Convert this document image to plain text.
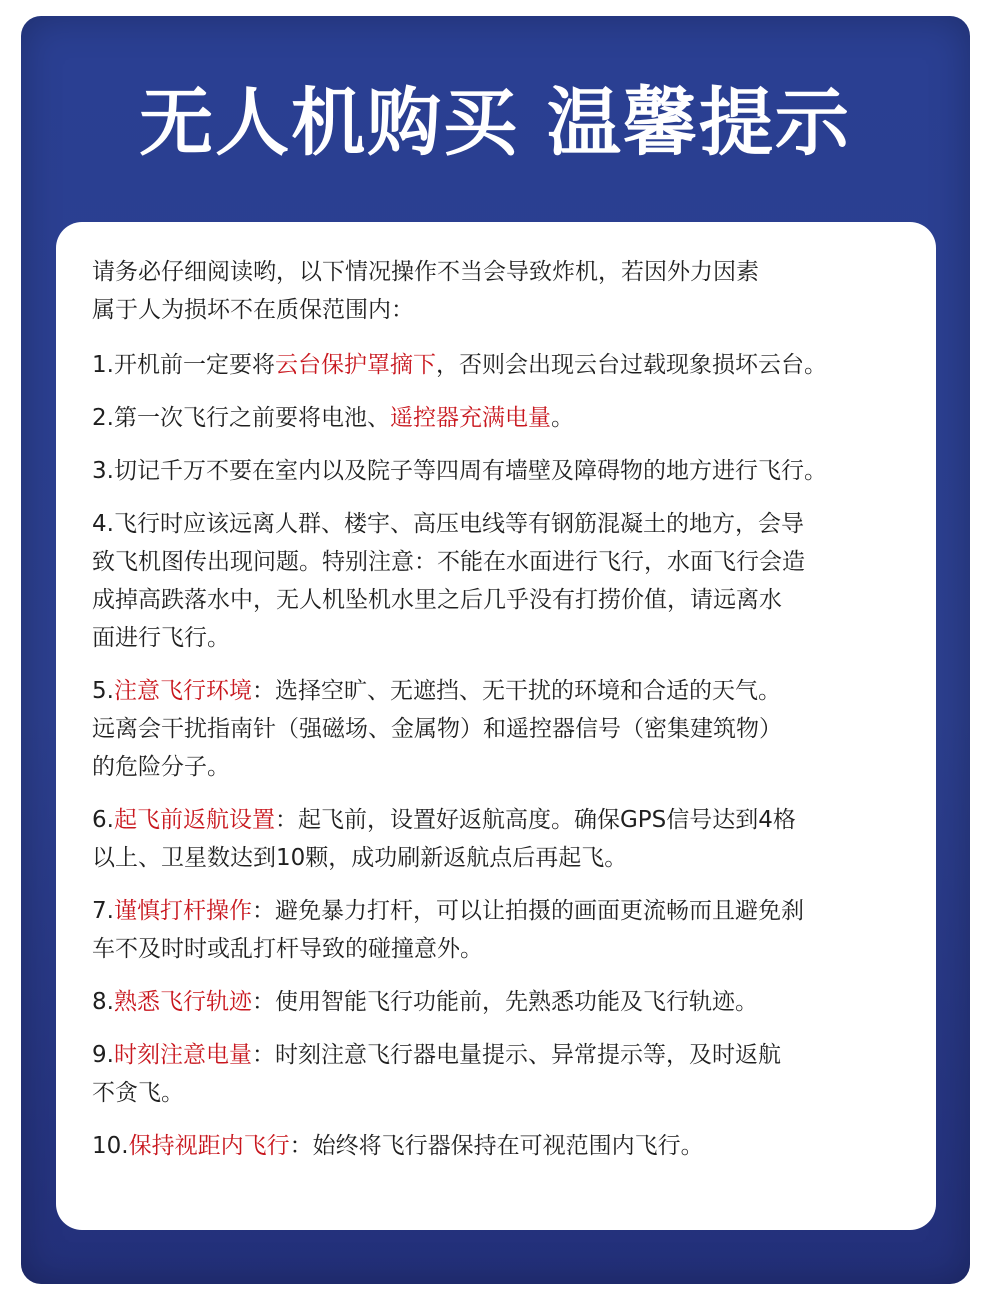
无人机购买 温馨提示
请务必仔细阅读哟，以下情况操作不当会导致炸机，若因外力因素
属于人为损坏不在质保范围内：
1.开机前一定要将云台保护罩摘下，否则会出现云台过载现象损坏云台。
2.第一次飞行之前要将电池、遥控器充满电量。
3.切记千万不要在室内以及院子等四周有墙壁及障碍物的地方进行飞行。
4.飞行时应该远离人群、楼宇、高压电线等有钢筋混凝土的地方，会导
致飞机图传出现问题。特别注意：不能在水面进行飞行，水面飞行会造
成掉高跌落水中，无人机坠机水里之后几乎没有打捞价值，请远离水
面进行飞行。
5.注意飞行环境：选择空旷、无遮挡、无干扰的环境和合适的天气。
远离会干扰指南针（强磁场、金属物）和遥控器信号（密集建筑物）
的危险分子。
6.起飞前返航设置：起飞前，设置好返航高度。确保GPS信号达到4格
以上、卫星数达到10颗，成功刷新返航点后再起飞。
7.谨慎打杆操作：避免暴力打杆，可以让拍摄的画面更流畅而且避免刹
车不及时时或乱打杆导致的碰撞意外。
8.熟悉飞行轨迹：使用智能飞行功能前，先熟悉功能及飞行轨迹。
9.时刻注意电量：时刻注意飞行器电量提示、异常提示等，及时返航
不贪飞。
10.保持视距内飞行：始终将飞行器保持在可视范围内飞行。
